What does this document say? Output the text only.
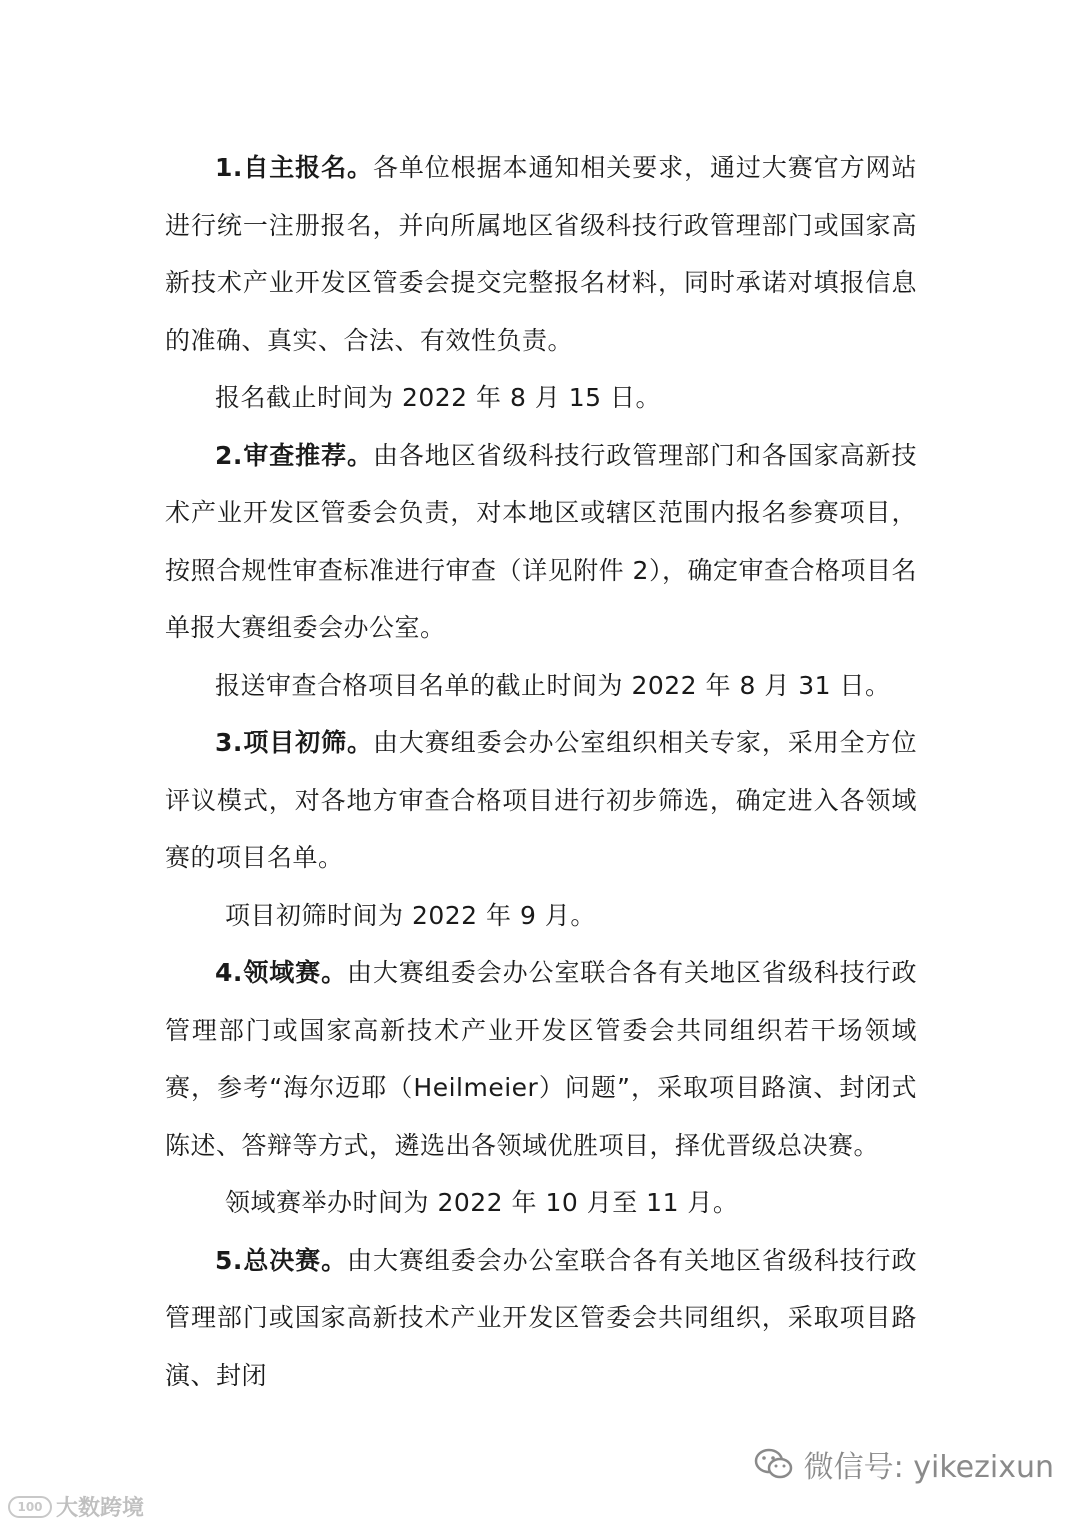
1.自主报名。各单位根据本通知相关要求，通过大赛官方网站进行统一注册报名，并向所属地区省级科技行政管理部门或国家高新技术产业开发区管委会提交完整报名材料，同时承诺对填报信息的准确、真实、合法、有效性负责。

报名截止时间为 2022 年 8 月 15 日。

2.审查推荐。由各地区省级科技行政管理部门和各国家高新技术产业开发区管委会负责，对本地区或辖区范围内报名参赛项目，按照合规性审查标准进行审查（详见附件 2），确定审查合格项目名单报大赛组委会办公室。

报送审查合格项目名单的截止时间为 2022 年 8 月 31 日。

3.项目初筛。由大赛组委会办公室组织相关专家，采用全方位评议模式，对各地方审查合格项目进行初步筛选，确定进入各领域赛的项目名单。

项目初筛时间为 2022 年 9 月。

4.领域赛。由大赛组委会办公室联合各有关地区省级科技行政管理部门或国家高新技术产业开发区管委会共同组织若干场领域赛，参考“海尔迈耶（Heilmeier）问题”，采取项目路演、封闭式陈述、答辩等方式，遴选出各领域优胜项目，择优晋级总决赛。

领域赛举办时间为 2022 年 10 月至 11 月。

5.总决赛。由大赛组委会办公室联合各有关地区省级科技行政管理部门或国家高新技术产业开发区管委会共同组织，采取项目路演、封闭

微信号: yikezixun
100 大数跨境
